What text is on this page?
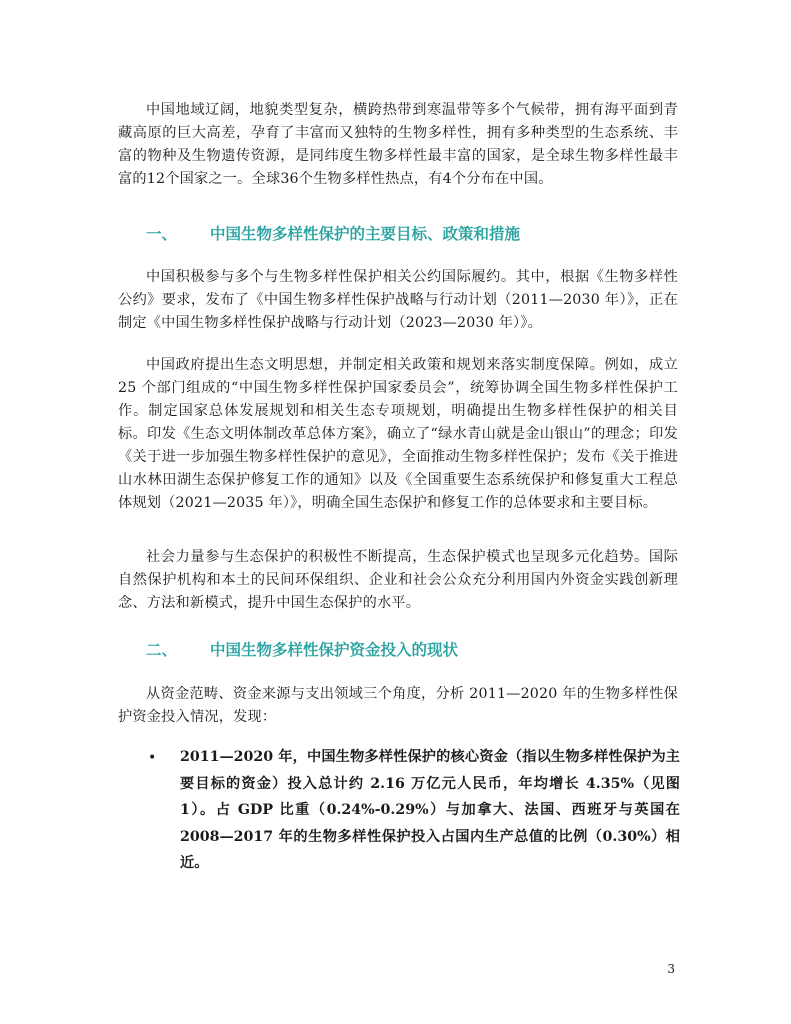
中国地域辽阔，地貌类型复杂，横跨热带到寒温带等多个气候带，拥有海平面到青藏高原的巨大高差，孕育了丰富而又独特的生物多样性，拥有多种类型的生态系统、丰富的物种及生物遗传资源，是同纬度生物多样性最丰富的国家，是全球生物多样性最丰富的12个国家之一。全球36个生物多样性热点，有4个分布在中国。

一、 中国生物多样性保护的主要目标、政策和措施

中国积极参与多个与生物多样性保护相关公约国际履约。其中，根据《生物多样性公约》要求，发布了《中国生物多样性保护战略与行动计划（2011—2030 年）》，正在制定《中国生物多样性保护战略与行动计划（2023—2030 年）》。

中国政府提出生态文明思想，并制定相关政策和规划来落实制度保障。例如，成立 25 个部门组成的“中国生物多样性保护国家委员会”，统筹协调全国生物多样性保护工作。制定国家总体发展规划和相关生态专项规划，明确提出生物多样性保护的相关目标。印发《生态文明体制改革总体方案》，确立了“绿水青山就是金山银山”的理念；印发《关于进一步加强生物多样性保护的意见》，全面推动生物多样性保护；发布《关于推进山水林田湖生态保护修复工作的通知》以及《全国重要生态系统保护和修复重大工程总体规划（2021—2035 年）》，明确全国生态保护和修复工作的总体要求和主要目标。

社会力量参与生态保护的积极性不断提高，生态保护模式也呈现多元化趋势。国际自然保护机构和本土的民间环保组织、企业和社会公众充分利用国内外资金实践创新理念、方法和新模式，提升中国生态保护的水平。

二、 中国生物多样性保护资金投入的现状

从资金范畴、资金来源与支出领域三个角度，分析 2011—2020 年的生物多样性保护资金投入情况，发现：

• 2011—2020 年，中国生物多样性保护的核心资金（指以生物多样性保护为主要目标的资金）投入总计约 2.16 万亿元人民币，年均增长 4.35%（见图 1）。占 GDP 比重（0.24%-0.29%）与加拿大、法国、西班牙与英国在 2008—2017 年的生物多样性保护投入占国内生产总值的比例（0.30%）相近。

3
